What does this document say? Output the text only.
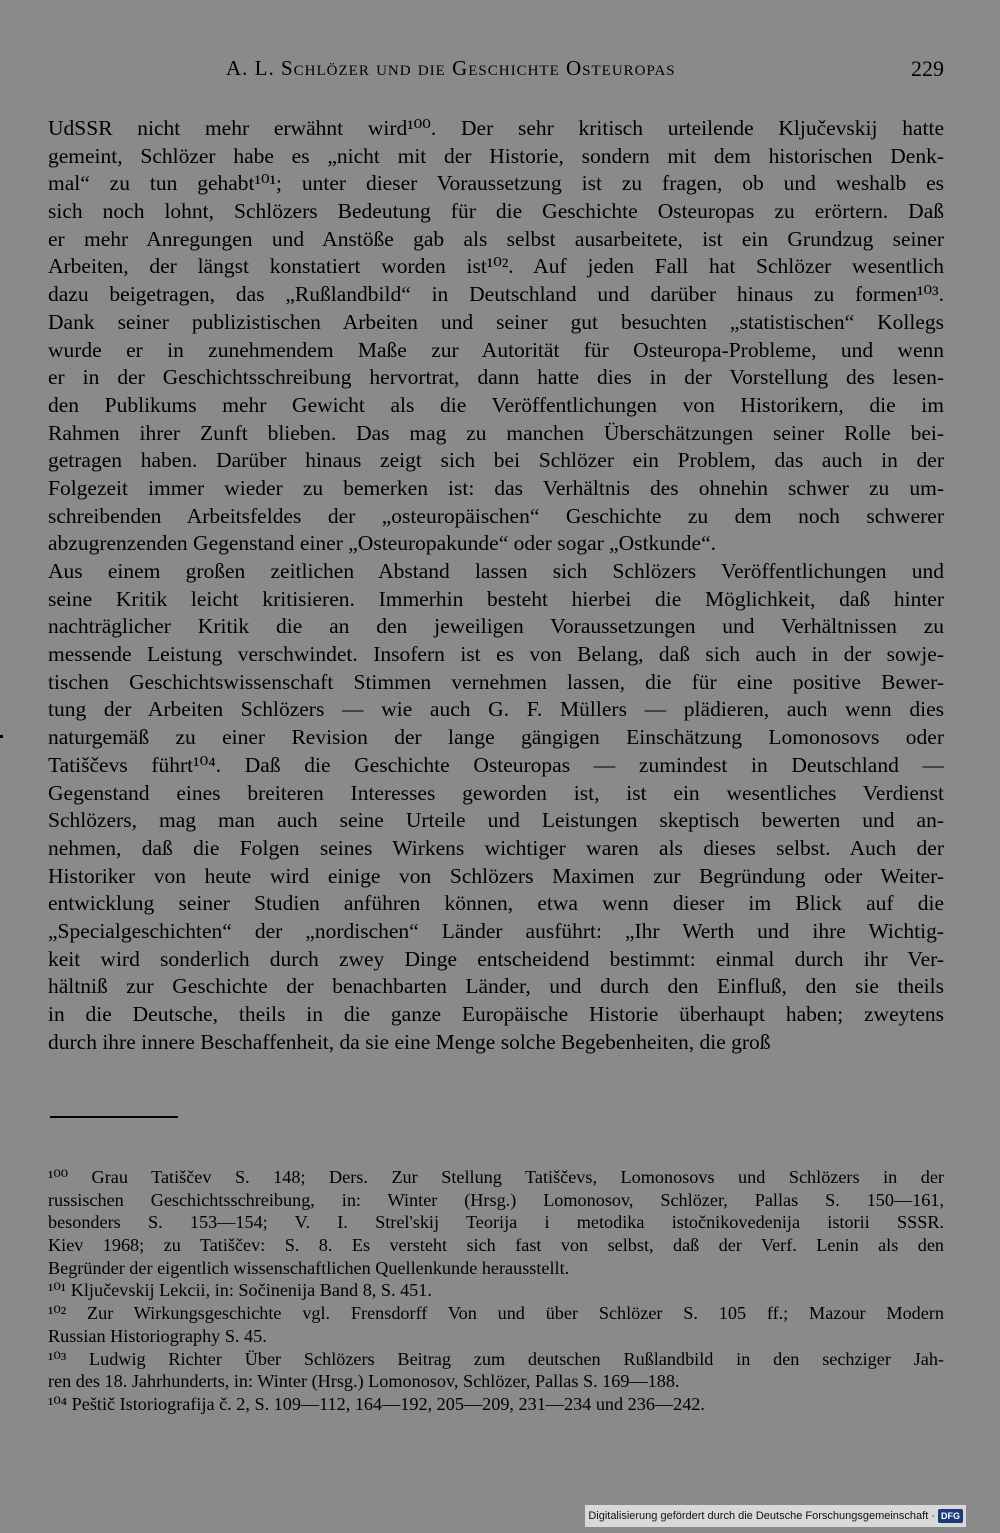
A. L. Schlözer und die Geschichte Osteuropas	229
UdSSR nicht mehr erwähnt wird¹⁰⁰. Der sehr kritisch urteilende Ključevskij hatte
gemeint, Schlözer habe es „nicht mit der Historie, sondern mit dem historischen Denk-
mal“ zu tun gehabt¹⁰¹; unter dieser Voraussetzung ist zu fragen, ob und weshalb es
sich noch lohnt, Schlözers Bedeutung für die Geschichte Osteuropas zu erörtern. Daß
er mehr Anregungen und Anstöße gab als selbst ausarbeitete, ist ein Grundzug seiner
Arbeiten, der längst konstatiert worden ist¹⁰². Auf jeden Fall hat Schlözer wesentlich
dazu beigetragen, das „Rußlandbild“ in Deutschland und darüber hinaus zu formen¹⁰³.
Dank seiner publizistischen Arbeiten und seiner gut besuchten „statistischen“ Kollegs
wurde er in zunehmendem Maße zur Autorität für Osteuropa-Probleme, und wenn
er in der Geschichtsschreibung hervortrat, dann hatte dies in der Vorstellung des lesen-
den Publikums mehr Gewicht als die Veröffentlichungen von Historikern, die im
Rahmen ihrer Zunft blieben. Das mag zu manchen Überschätzungen seiner Rolle bei-
getragen haben. Darüber hinaus zeigt sich bei Schlözer ein Problem, das auch in der
Folgezeit immer wieder zu bemerken ist: das Verhältnis des ohnehin schwer zu um-
schreibenden Arbeitsfeldes der „osteuropäischen“ Geschichte zu dem noch schwerer
abzugrenzenden Gegenstand einer „Osteuropakunde“ oder sogar „Ostkunde“.
Aus einem großen zeitlichen Abstand lassen sich Schlözers Veröffentlichungen und
seine Kritik leicht kritisieren. Immerhin besteht hierbei die Möglichkeit, daß hinter
nachträglicher Kritik die an den jeweiligen Voraussetzungen und Verhältnissen zu
messende Leistung verschwindet. Insofern ist es von Belang, daß sich auch in der sowje-
tischen Geschichtswissenschaft Stimmen vernehmen lassen, die für eine positive Bewer-
tung der Arbeiten Schlözers — wie auch G. F. Müllers — plädieren, auch wenn dies
naturgemäß zu einer Revision der lange gängigen Einschätzung Lomonosovs oder
Tatiščevs führt¹⁰⁴. Daß die Geschichte Osteuropas — zumindest in Deutschland —
Gegenstand eines breiteren Interesses geworden ist, ist ein wesentliches Verdienst
Schlözers, mag man auch seine Urteile und Leistungen skeptisch bewerten und an-
nehmen, daß die Folgen seines Wirkens wichtiger waren als dieses selbst. Auch der
Historiker von heute wird einige von Schlözers Maximen zur Begründung oder Weiter-
entwicklung seiner Studien anführen können, etwa wenn dieser im Blick auf die
„Specialgeschichten“ der „nordischen“ Länder ausführt: „Ihr Werth und ihre Wichtig-
keit wird sonderlich durch zwey Dinge entscheidend bestimmt: einmal durch ihr Ver-
hältniß zur Geschichte der benachbarten Länder, und durch den Einfluß, den sie theils
in die Deutsche, theils in die ganze Europäische Historie überhaupt haben; zweytens
durch ihre innere Beschaffenheit, da sie eine Menge solche Begebenheiten, die groß
¹⁰⁰ Grau Tatiščev S. 148; Ders. Zur Stellung Tatiščevs, Lomonosovs und Schlözers in der
russischen Geschichtsschreibung, in: Winter (Hrsg.) Lomonosov, Schlözer, Pallas S. 150—161,
besonders S. 153—154; V. I. Strel'skij Teorija i metodika istočnikovedenija istorii SSSR.
Kiev 1968; zu Tatiščev: S. 8. Es versteht sich fast von selbst, daß der Verf. Lenin als den
Begründer der eigentlich wissenschaftlichen Quellenkunde herausstellt.
¹⁰¹ Ključevskij Lekcii, in: Sočinenija Band 8, S. 451.
¹⁰² Zur Wirkungsgeschichte vgl. Frensdorff Von und über Schlözer S. 105 ff.; Mazour Modern
Russian Historiography S. 45.
¹⁰³ Ludwig Richter Über Schlözers Beitrag zum deutschen Rußlandbild in den sechziger Jah-
ren des 18. Jahrhunderts, in: Winter (Hrsg.) Lomonosov, Schlözer, Pallas S. 169—188.
¹⁰⁴ Peštič Istoriografija č. 2, S. 109—112, 164—192, 205—209, 231—234 und 236—242.
Digitalisierung gefördert durch die Deutsche Forschungsgemeinschaft · DFG
